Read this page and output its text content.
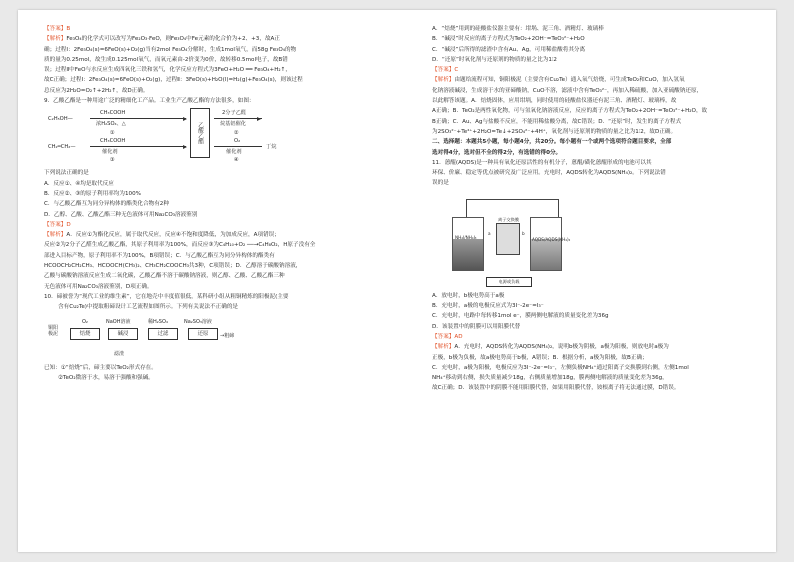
【答案】B

【解析】Fe₃O₄的化学式可以改写为Fe₂O₃·FeO，则Fe₃O₄中Fe元素的化合价为+2、+3，故A正

确；过程Ⅰ：2Fe₃O₄(s)=6FeO(s)+O₂(g)当有2mol Fe₃O₄分解时，生成1mol氧气，而58g Fe₃O₄的物

质的量为0.25mol，故生成0.125mol氧气，而氧元素由-2价变为0价，故转移0.5mol电子，故B错

误；过程Ⅱ中FeO与水反应生成四氧化三铁和氢气，化学反应方程式为3FeO+H₂O ══ Fe₃O₄+H₂↑，

故C正确；过程Ⅰ：2Fe₃O₄(s)=6FeO(s)+O₂(g)，过程Ⅱ：3FeO(s)+H₂O(l)=H₂(g)+Fe₃O₄(s)，则该过程

总反应为2H₂O=O₂↑+2H₂↑，故D正确。

9．乙酸乙酯是一种用途广泛的精细化工产品。工业生产乙酸乙酯的方法很多，如图：

C₂H₅OH—
CH₃COOH
浓H₂SO₄、△
①
CH₂═CH₂—
CH₃COOH
催化剂
③
乙酸乙酯
2分子乙醛
烷基铝催化
②
O₂
催化剂
④
丁烷

下列说法正确的是

A．反应①、④均是取代反应

B．反应②、③的原子利用率均为100%

C．与乙酸乙酯互为同分异构体的酯类化合物有2种

D．乙醇、乙酸、乙酸乙酯三种无色液体可用Na₂CO₃溶液鉴别

【答案】D

【解析】A．反应①为酯化反应，属于取代反应，反应④不饱和度降低，为加成反应，A项错误；

反应②为2分子乙醛生成乙酸乙酯，其原子利用率为100%，而反应③为C₄H₁₀+O₂ ──→C₄H₈O₂，H原子没有全

部进入目标产物，原子利用率不为100%，B项错误；C．与乙酸乙酯互为同分异构体的酯类有

HCOOCH₂CH₂CH₃、HCOOCH(CH₃)₂、CH₃CH₂COOCH₃共3种，C项错误；D．乙醇溶于碳酸钠溶液，

乙酸与碳酸钠溶液反应生成二氧化碳，乙酸乙酯不溶于碳酸钠溶液，则乙醇、乙酸、乙酸乙酯三种

无色液体可用Na₂CO₃溶液鉴别，D项正确。

10．碲被誉为“现代工业的维生素”，它在地壳中丰度值很低，某科研小组从粗铜精炼的阳极泥(主要

含有Cu₂Te)中提取粗碲设计工艺流程如图所示。下列有关说法不正确的是

铜阳极泥
O₂
焙烧
NaOH溶液
碱浸
滤渣
稀H₂SO₄
过滤
Na₂SO₃溶液
还原	→粗碲

已知：①“焙烧”后，碲主要以TeO₂形式存在。

②TeO₂微溶于水，易溶于强酸和强碱。

A．“焙烧”用到的硅酸盐仪器主要有：坩埚、泥三角、酒精灯、玻璃棒

B．“碱浸”时反应的离子方程式为TeO₂+2OH⁻=TeO₃²⁻+H₂O

C．“碱浸”后所得的滤渣中含有Au、Ag，可用稀盐酸将其分离

D．“还原”时氧化剂与还原剂的物质的量之比为1∶2

【答案】C

【解析】由题给流程可知，铜阳极泥（主要含有Cu₂Te）通入氧气焙烧，可生成TeO₂和CuO，加入氢氧

化钠溶液碱浸，生成溶于水的亚碲酸钠，CuO不溶，滤液中含有TeO₃²⁻，再加入稀硫酸，加入亚硫酸钠还原，

以此解答该题。A．焙烧固体，应用坩埚，同时使用的硅酸盐仪器还有泥三角、酒精灯、玻璃棒，故

A正确；B．TeO₂是两性氧化物，可与氢氧化钠溶液反应，反应的离子方程式为TeO₂+2OH⁻=TeO₃²⁻+H₂O，故

B正确；C．Au、Ag与盐酸不反应，不能用稀盐酸分离，故C错误；D．“还原”时，发生的离子方程式

为2SO₃²⁻+Te⁴⁺+2H₂O=Te↓+2SO₄²⁻+4H⁺，氧化剂与还原剂的物质的量之比为1∶2，故D正确。

二、选择题：本题共5小题，每小题4分，共20分。每小题有一个或两个选项符合题目要求，全部

选对得4分，选对但不全的得2分，有选错的得0分。

11．蒽醌(AQDS)是一种具有氧化还原活性的有机分子，蒽醌/磺化蒽醌形成的电池可以其

环保、价廉、稳定等优点被研究及广泛应用。充电时，AQDS转化为AQDS(NH₄)₂。下列说法错

误的是

NH₄I/NH₄I₃
a	b
离子交换膜
AQDS/AQDS(NH₄)₂
电源或负载

A．放电时，b极电势高于a极

B．充电时，a极的电极反应式为3I⁻-2e⁻=I₃⁻

C．充电时，电路中每转移1mol e⁻，膜两侧电解液的质量变化差为36g

D．该装置中的阴膜可以用阳膜代替

【答案】AD

【解析】A．充电时，AQDS转化为AQDS(NH₄)₂，说明b极为阴极，a极为阳极，则放电时a极为

正极，b极为负极，故a极电势高于b极，A错误；B．根据分析，a极为阳极，故B正确；

C．充电时，a极为阳极，电极反应为3I⁻-2e⁻=I₃⁻，左侧负极NH₄⁺通过阳离子交换膜到右侧，左侧1mol

NH₄⁺移动到右侧，损失质量减少18g，右侧质量增加18g，膜两侧电解液的质量变化差为36g，

故C正确；D．该装置中的阴膜不能用阳膜代替，如果用阳膜代替，铵根离子将无法通过膜，D错误。
